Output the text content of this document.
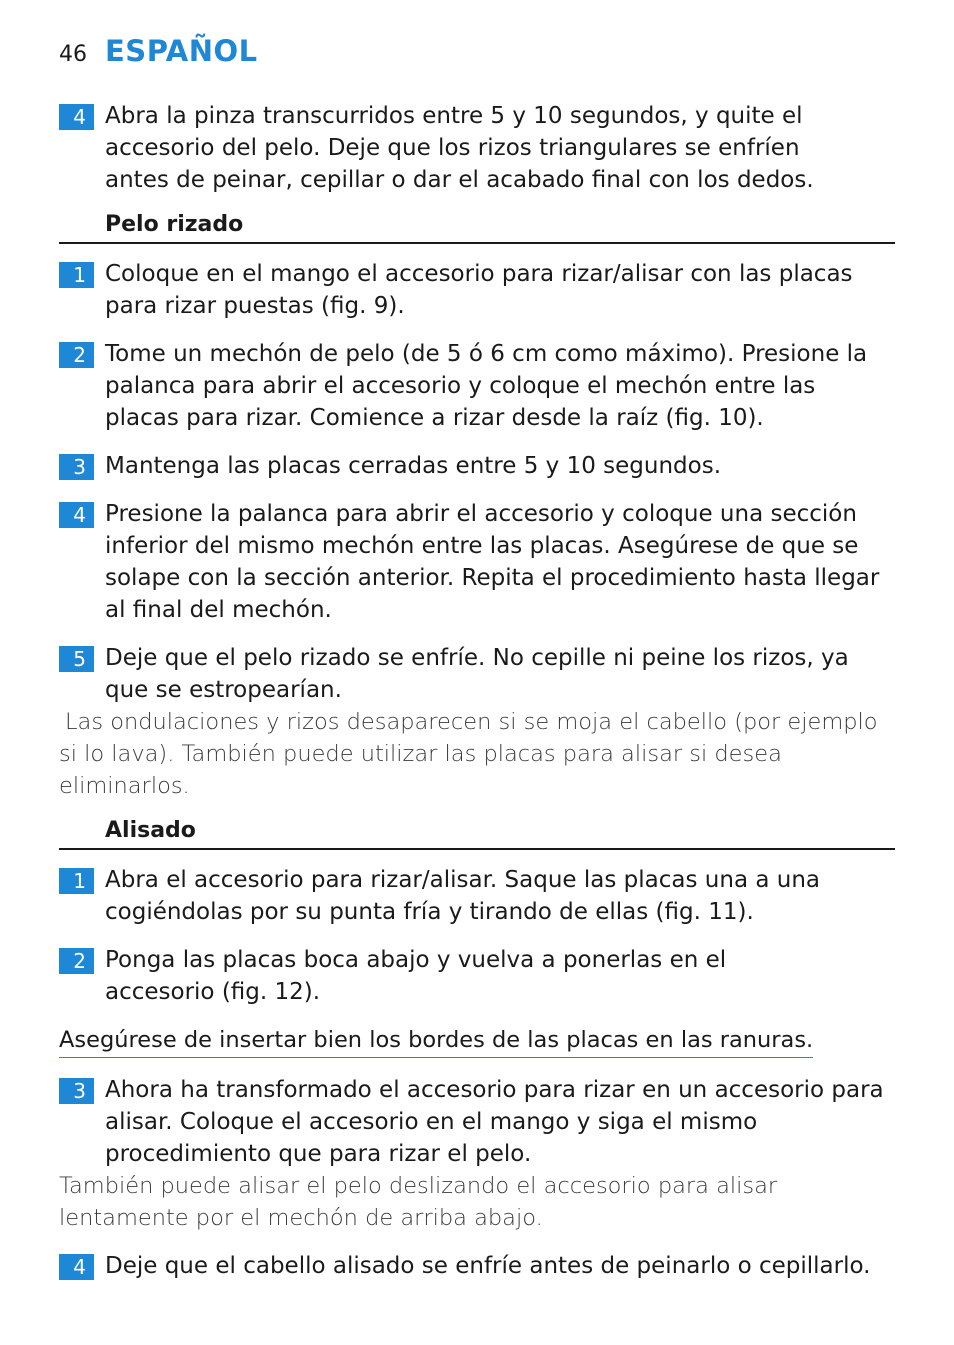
46 ESPAÑOL
4 Abra la pinza transcurridos entre 5 y 10 segundos, y quite el accesorio del pelo. Deje que los rizos triangulares se enfríen antes de peinar, cepillar o dar el acabado final con los dedos.
Pelo rizado
1 Coloque en el mango el accesorio para rizar/alisar con las placas para rizar puestas (fig. 9).
2 Tome un mechón de pelo (de 5 ó 6 cm como máximo). Presione la palanca para abrir el accesorio y coloque el mechón entre las placas para rizar. Comience a rizar desde la raíz (fig. 10).
3 Mantenga las placas cerradas entre 5 y 10 segundos.
4 Presione la palanca para abrir el accesorio y coloque una sección inferior del mismo mechón entre las placas. Asegúrese de que se solape con la sección anterior. Repita el procedimiento hasta llegar al final del mechón.
5 Deje que el pelo rizado se enfríe. No cepille ni peine los rizos, ya que se estropearían.
Las ondulaciones y rizos desaparecen si se moja el cabello (por ejemplo si lo lava). También puede utilizar las placas para alisar si desea eliminarlos.
Alisado
1 Abra el accesorio para rizar/alisar. Saque las placas una a una cogiéndolas por su punta fría y tirando de ellas (fig. 11).
2 Ponga las placas boca abajo y vuelva a ponerlas en el accesorio (fig. 12).
Asegúrese de insertar bien los bordes de las placas en las ranuras.
3 Ahora ha transformado el accesorio para rizar en un accesorio para alisar. Coloque el accesorio en el mango y siga el mismo procedimiento que para rizar el pelo.
También puede alisar el pelo deslizando el accesorio para alisar lentamente por el mechón de arriba abajo.
4 Deje que el cabello alisado se enfríe antes de peinarlo o cepillarlo.
